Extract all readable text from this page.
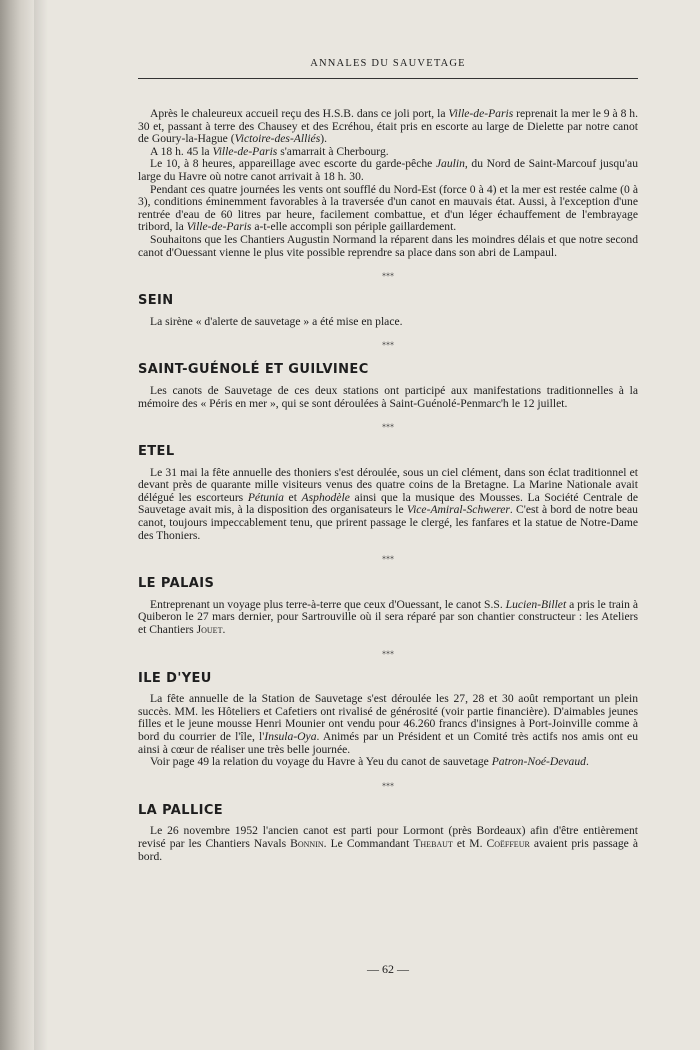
ANNALES DU SAUVETAGE

Après le chaleureux accueil reçu des H.S.B. dans ce joli port, la Ville-de-Paris reprenait la mer le 9 à 8 h. 30 et, passant à terre des Chausey et des Ecréhou, était pris en escorte au large de Dielette par notre canot de Goury-la-Hague (Victoire-des-Alliés).

A 18 h. 45 la Ville-de-Paris s'amarrait à Cherbourg.

Le 10, à 8 heures, appareillage avec escorte du garde-pêche Jaulin, du Nord de Saint-Marcouf jusqu'au large du Havre où notre canot arrivait à 18 h. 30.

Pendant ces quatre journées les vents ont soufflé du Nord-Est (force 0 à 4) et la mer est restée calme (0 à 3), conditions éminemment favorables à la traversée d'un canot en mauvais état. Aussi, à l'exception d'une rentrée d'eau de 60 litres par heure, facilement combattue, et d'un léger échauffement de l'embrayage tribord, la Ville-de-Paris a-t-elle accompli son périple gaillardement.

Souhaitons que les Chantiers Augustin Normand la réparent dans les moindres délais et que notre second canot d'Ouessant vienne le plus vite possible reprendre sa place dans son abri de Lampaul.

⁎⁎⁎
SEIN

La sirène « d'alerte de sauvetage » a été mise en place.

⁎⁎⁎
SAINT-GUÉNOLÉ ET GUILVINEC

Les canots de Sauvetage de ces deux stations ont participé aux manifestations traditionnelles à la mémoire des « Péris en mer », qui se sont déroulées à Saint-Guénolé-Penmarc'h le 12 juillet.

⁎⁎⁎
ETEL

Le 31 mai la fête annuelle des thoniers s'est déroulée, sous un ciel clément, dans son éclat traditionnel et devant près de quarante mille visiteurs venus des quatre coins de la Bretagne. La Marine Nationale avait délégué les escorteurs Pétunia et Asphodèle ainsi que la musique des Mousses. La Société Centrale de Sauvetage avait mis, à la disposition des organisateurs le Vice-Amiral-Schwerer. C'est à bord de notre beau canot, toujours impeccablement tenu, que prirent passage le clergé, les fanfares et la statue de Notre-Dame des Thoniers.

⁎⁎⁎
LE PALAIS

Entreprenant un voyage plus terre-à-terre que ceux d'Ouessant, le canot S.S. Lucien-Billet a pris le train à Quiberon le 27 mars dernier, pour Sartrouville où il sera réparé par son chantier constructeur : les Ateliers et Chantiers Jouet.

⁎⁎⁎
ILE D'YEU

La fête annuelle de la Station de Sauvetage s'est déroulée les 27, 28 et 30 août remportant un plein succès. MM. les Hôteliers et Cafetiers ont rivalisé de générosité (voir partie financière). D'aimables jeunes filles et le jeune mousse Henri Mounier ont vendu pour 46.260 francs d'insignes à Port-Joinville comme à bord du courrier de l'île, l'Insula-Oya. Animés par un Président et un Comité très actifs nos amis ont eu ainsi à cœur de réaliser une très belle journée.

Voir page 49 la relation du voyage du Havre à Yeu du canot de sauvetage Patron-Noé-Devaud.

⁎⁎⁎
LA PALLICE

Le 26 novembre 1952 l'ancien canot est parti pour Lormont (près Bordeaux) afin d'être entièrement revisé par les Chantiers Navals Bonnin. Le Commandant Thebaut et M. Coëffeur avaient pris passage à bord.

— 62 —
